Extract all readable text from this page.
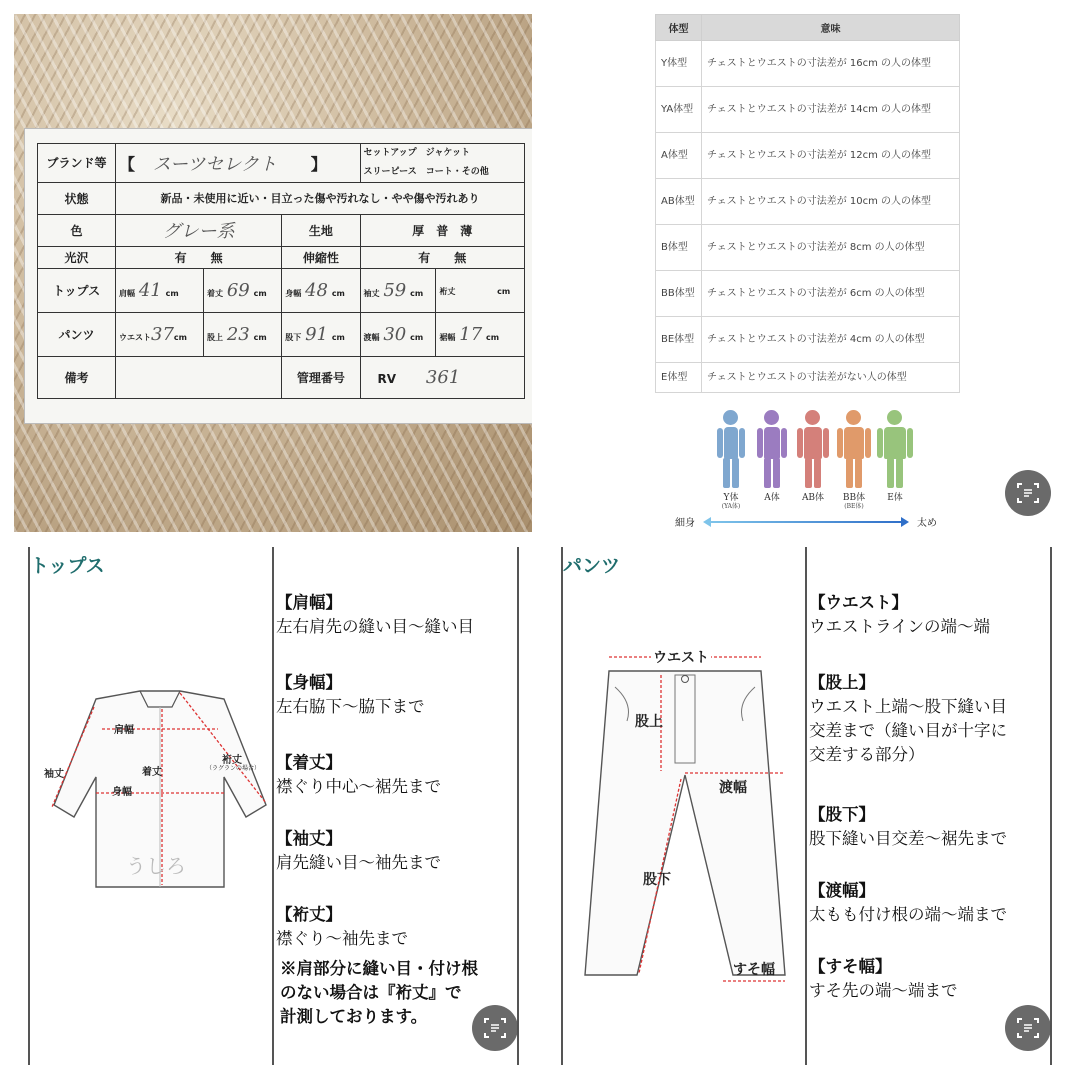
ブランド等	【 スーツセレクト 】			セットアップ　ジャケット
スリーピース　コート・その他	

状態	新品・未使用に近い・目立った傷や汚れなし・やや傷や汚れあり				
色	グレー系		生地	厚　普　薄	
光沢	有　　無		伸縮性	有　　無	
トップス	肩幅 41 cm	着丈 69 cm	身幅 48 cm	袖丈 59 cm	裄丈 cm
パンツ	ウエスト37cm	股上 23 cm	股下 91 cm	渡幅 30 cm	裾幅 17 cm
備考			管理番号	RV 361	
体型	意味
Y体型	チェストとウエストの寸法差が 16cm の人の体型
YA体型	チェストとウエストの寸法差が 14cm の人の体型
A体型	チェストとウエストの寸法差が 12cm の人の体型
AB体型	チェストとウエストの寸法差が 10cm の人の体型
B体型	チェストとウエストの寸法差が 8cm の人の体型
BB体型	チェストとウエストの寸法差が 6cm の人の体型
BE体型	チェストとウエストの寸法差が 4cm の人の体型
E体型	チェストとウエストの寸法差がない人の体型
Y体
(YA体)
A体	AB体	BB体
(BE体)
E体
細身	太め
トップス
うしろ
肩幅
着丈
袖丈
裄丈
（ラグランの場合）
身幅
【肩幅】
左右肩先の縫い目～縫い目
【身幅】
左右脇下～脇下まで
【着丈】
襟ぐり中心～裾先まで
【袖丈】
肩先縫い目～袖先まで
【裄丈】
襟ぐり～袖先まで
※肩部分に縫い目・付け根
のない場合は『裄丈』で
計測しております。
パンツ
ウエスト
股上
渡幅
股下
すそ幅
【ウエスト】
ウエストラインの端～端
【股上】
ウエスト上端～股下縫い目
交差まで（縫い目が十字に
交差する部分）
【股下】
股下縫い目交差～裾先まで
【渡幅】
太もも付け根の端～端まで
【すそ幅】
すそ先の端～端まで
